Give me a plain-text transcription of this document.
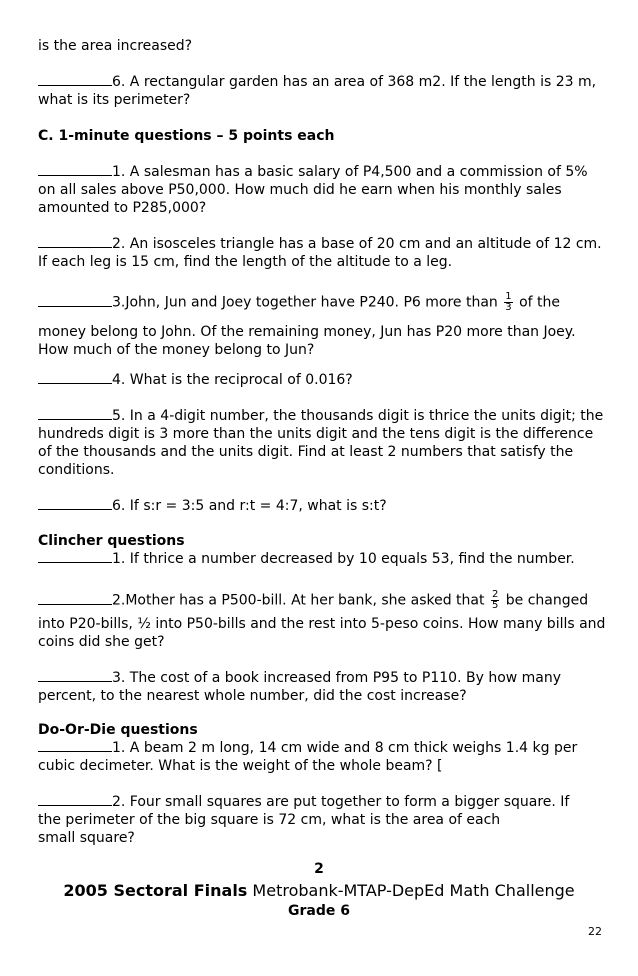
is the area increased?
6. A rectangular garden has an area of 368 m2. If the length is 23 m,
what is its perimeter?
C. 1-minute questions – 5 points each
1. A salesman has a basic salary of P4,500 and a commission of 5%
on all sales above P50,000. How much did he earn when his monthly sales
amounted to P285,000?
2. An isosceles triangle has a base of 20 cm and an altitude of 12 cm.
If each leg is 15 cm, find the length of the altitude to a leg.
3.John, Jun and Joey together have P240. P6 more than $\frac{1}{3}$ of the
money belong to John. Of the remaining money, Jun has P20 more than Joey.
How much of the money belong to Jun?
4. What is the reciprocal of 0.016?
5. In a 4-digit number, the thousands digit is thrice the units digit; the
hundreds digit is 3 more than the units digit and the tens digit is the difference
of the thousands and the units digit. Find at least 2 numbers that satisfy the
conditions.
6. If s:r = 3:5 and r:t = 4:7, what is s:t?
Clincher questions
1. If thrice a number decreased by 10 equals 53, find the number.
2.Mother has a P500-bill. At her bank, she asked that $\frac{2}{5}$ be changed
into P20-bills, ½ into P50-bills and the rest into 5-peso coins. How many bills and
coins did she get?
3. The cost of a book increased from P95 to P110. By how many
percent, to the nearest whole number, did the cost increase?
Do-Or-Die questions
1. A beam 2 m long, 14 cm wide and 8 cm thick weighs 1.4 kg per
cubic decimeter. What is the weight of the whole beam? [
2. Four small squares are put together to form a bigger square. If
the perimeter of the big square is 72 cm, what is the area of each
small square?
2
2005 Sectoral Finals Metrobank-MTAP-DepEd Math Challenge
Grade 6
22
